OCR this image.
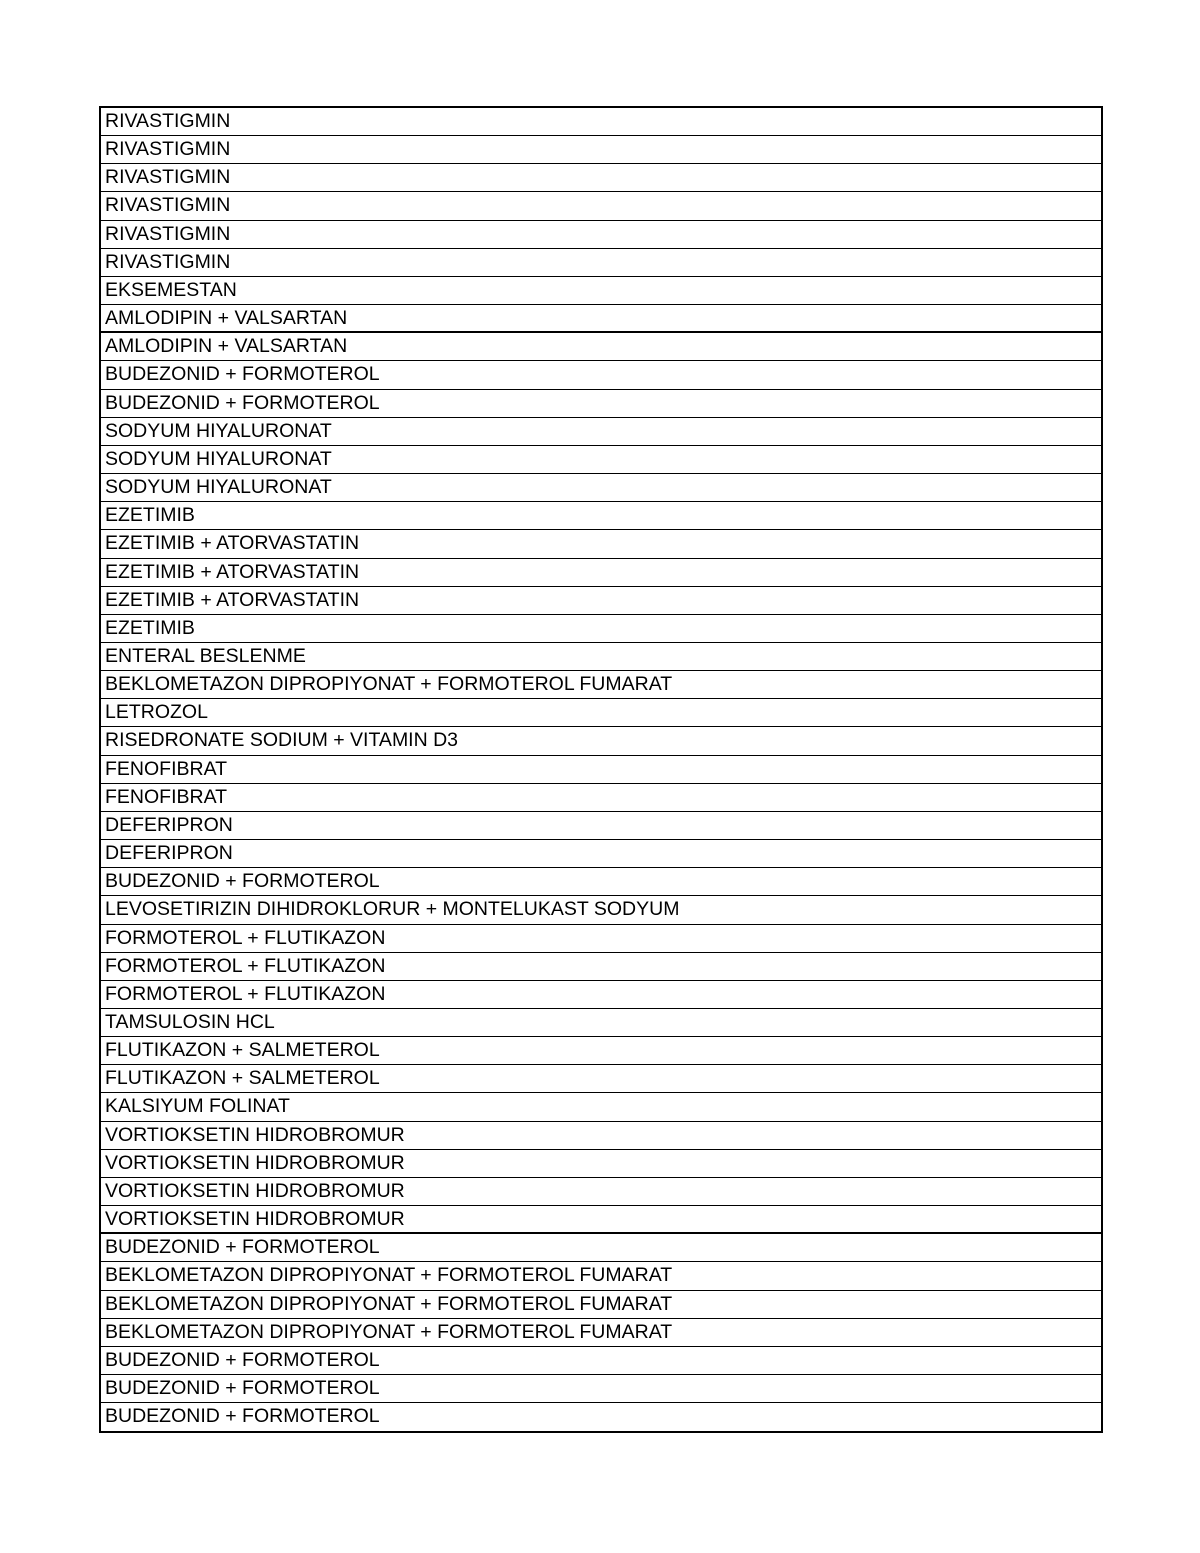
RIVASTIGMIN
RIVASTIGMIN
RIVASTIGMIN
RIVASTIGMIN
RIVASTIGMIN
RIVASTIGMIN
EKSEMESTAN
AMLODIPIN + VALSARTAN
AMLODIPIN + VALSARTAN
BUDEZONID + FORMOTEROL
BUDEZONID + FORMOTEROL
SODYUM HIYALURONAT
SODYUM HIYALURONAT
SODYUM HIYALURONAT
EZETIMIB
EZETIMIB + ATORVASTATIN
EZETIMIB + ATORVASTATIN
EZETIMIB + ATORVASTATIN
EZETIMIB
ENTERAL BESLENME
BEKLOMETAZON DIPROPIYONAT + FORMOTEROL FUMARAT
LETROZOL
RISEDRONATE SODIUM + VITAMIN D3
FENOFIBRAT
FENOFIBRAT
DEFERIPRON
DEFERIPRON
BUDEZONID + FORMOTEROL
LEVOSETIRIZIN DIHIDROKLORUR + MONTELUKAST SODYUM
FORMOTEROL + FLUTIKAZON
FORMOTEROL + FLUTIKAZON
FORMOTEROL + FLUTIKAZON
TAMSULOSIN HCL
FLUTIKAZON + SALMETEROL
FLUTIKAZON + SALMETEROL
KALSIYUM FOLINAT
VORTIOKSETIN HIDROBROMUR
VORTIOKSETIN HIDROBROMUR
VORTIOKSETIN HIDROBROMUR
VORTIOKSETIN HIDROBROMUR
BUDEZONID + FORMOTEROL
BEKLOMETAZON DIPROPIYONAT + FORMOTEROL FUMARAT
BEKLOMETAZON DIPROPIYONAT + FORMOTEROL FUMARAT
BEKLOMETAZON DIPROPIYONAT + FORMOTEROL FUMARAT
BUDEZONID + FORMOTEROL
BUDEZONID + FORMOTEROL
BUDEZONID + FORMOTEROL
